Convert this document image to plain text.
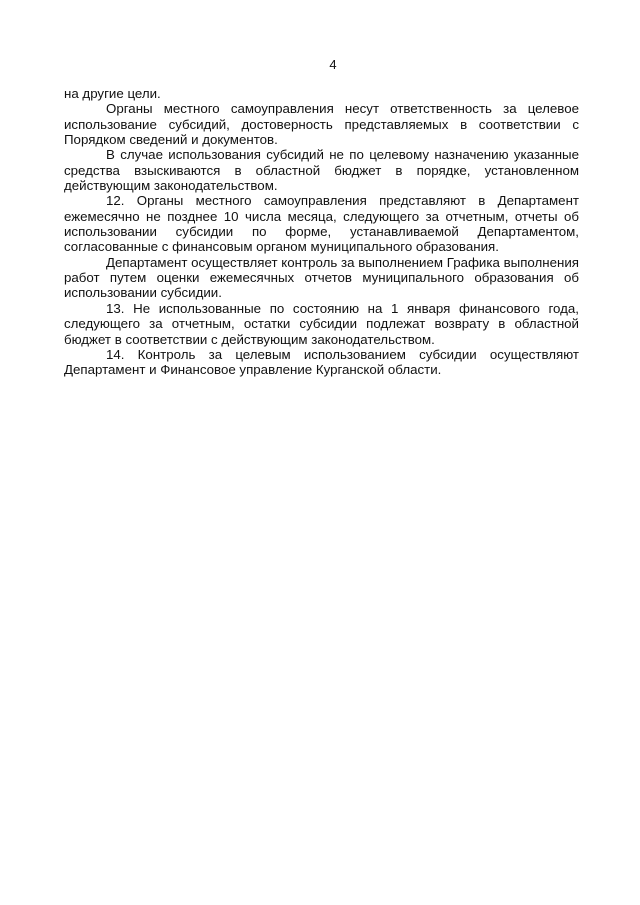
4

на другие цели.

Органы местного самоуправления несут ответственность за целевое использование субсидий, достоверность представляемых в соответствии с Порядком сведений и документов.

В случае использования субсидий не по целевому назначению указанные средства взыскиваются в областной бюджет в порядке, установленном действующим законодательством.

12. Органы местного самоуправления представляют в Департамент ежемесячно не позднее 10 числа месяца, следующего за отчетным, отчеты об использовании субсидии по форме, устанавливаемой Департаментом, согласованные с финансовым органом муниципального образования.

Департамент осуществляет контроль за выполнением Графика выполнения работ путем оценки ежемесячных отчетов муниципального образования об использовании субсидии.

13. Не использованные по состоянию на 1 января финансового года, следующего за отчетным, остатки субсидии подлежат возврату в областной бюджет в соответствии с действующим законодательством.

14. Контроль за целевым использованием субсидии осуществляют Департамент и Финансовое управление Курганской области.
